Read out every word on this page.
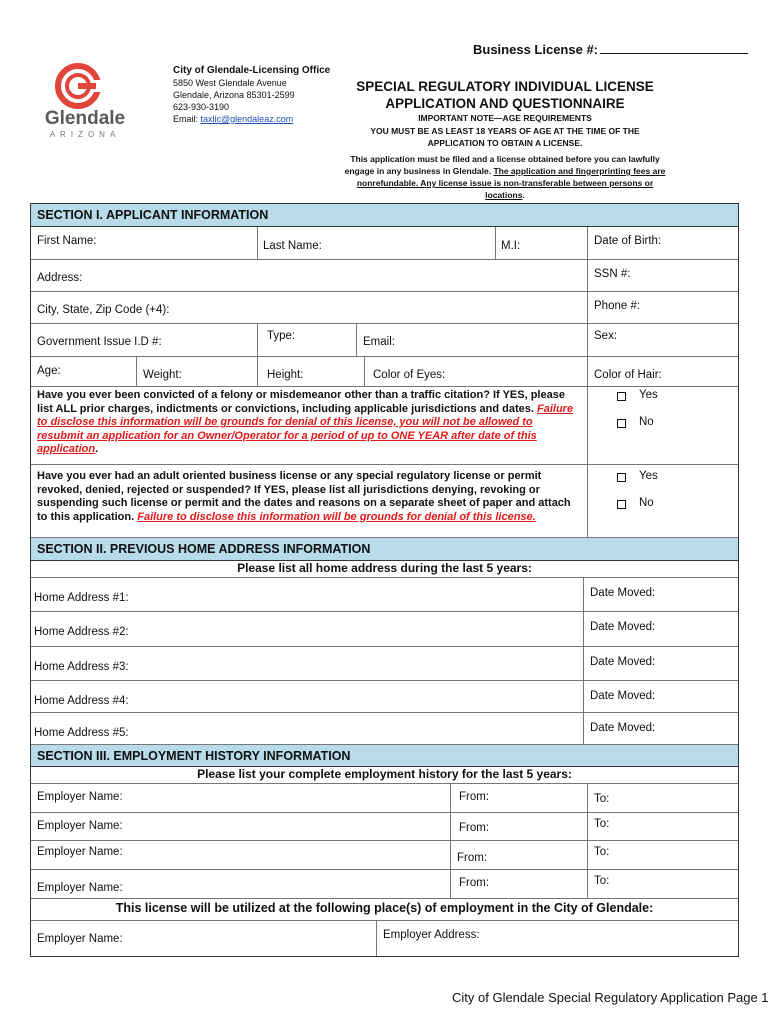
Business License #:
Glendale
ARIZONA
City of Glendale-Licensing Office
5850 West Glendale Avenue
Glendale, Arizona 85301-2599
623-930-3190
Email: taxlic@glendaleaz.com
SPECIAL REGULATORY INDIVIDUAL LICENSE
APPLICATION AND QUESTIONNAIRE
IMPORTANT NOTE—AGE REQUIREMENTS
YOU MUST BE AS LEAST 18 YEARS OF AGE AT THE TIME OF THE
APPLICATION TO OBTAIN A LICENSE.
This application must be filed and a license obtained before you can lawfully
engage in any business in Glendale. The application and fingerprinting fees are
nonrefundable. Any license issue is non-transferable between persons or
locations.
SECTION I. APPLICANT INFORMATION
First Name:	Last Name:	M.I:	Date of Birth:
Address:	SSN #:
City, State, Zip Code (+4):	Phone #:
Government Issue I.D #:	Type:	Email:	Sex:
Age:	Weight:	Height:	Color of Eyes:	Color of Hair:
Have you ever been convicted of a felony or misdemeanor other than a traffic citation? If YES, please list ALL prior charges, indictments or convictions, including applicable jurisdictions and dates. Failure to disclose this information will be grounds for denial of this license, you will not be allowed to resubmit an application for an Owner/Operator for a period of up to ONE YEAR after date of this application.
Yes
No
Have you ever had an adult oriented business license or any special regulatory license or permit revoked, denied, rejected or suspended? If YES, please list all jurisdictions denying, revoking or suspending such license or permit and the dates and reasons on a separate sheet of paper and attach to this application. Failure to disclose this information will be grounds for denial of this license.
Yes
No
SECTION II. PREVIOUS HOME ADDRESS INFORMATION
Please list all home address during the last 5 years:
Home Address #1:	Date Moved:
Home Address #2:	Date Moved:
Home Address #3:	Date Moved:
Home Address #4:	Date Moved:
Home Address #5:	Date Moved:
SECTION III. EMPLOYMENT HISTORY INFORMATION
Please list your complete employment history for the last 5 years:
Employer Name:	From:	To:
Employer Name:	From:	To:
Employer Name:	From:	To:
Employer Name:	From:	To:
This license will be utilized at the following place(s) of employment in the City of Glendale:
Employer Name:	Employer Address:
City of Glendale Special Regulatory Application Page 1
